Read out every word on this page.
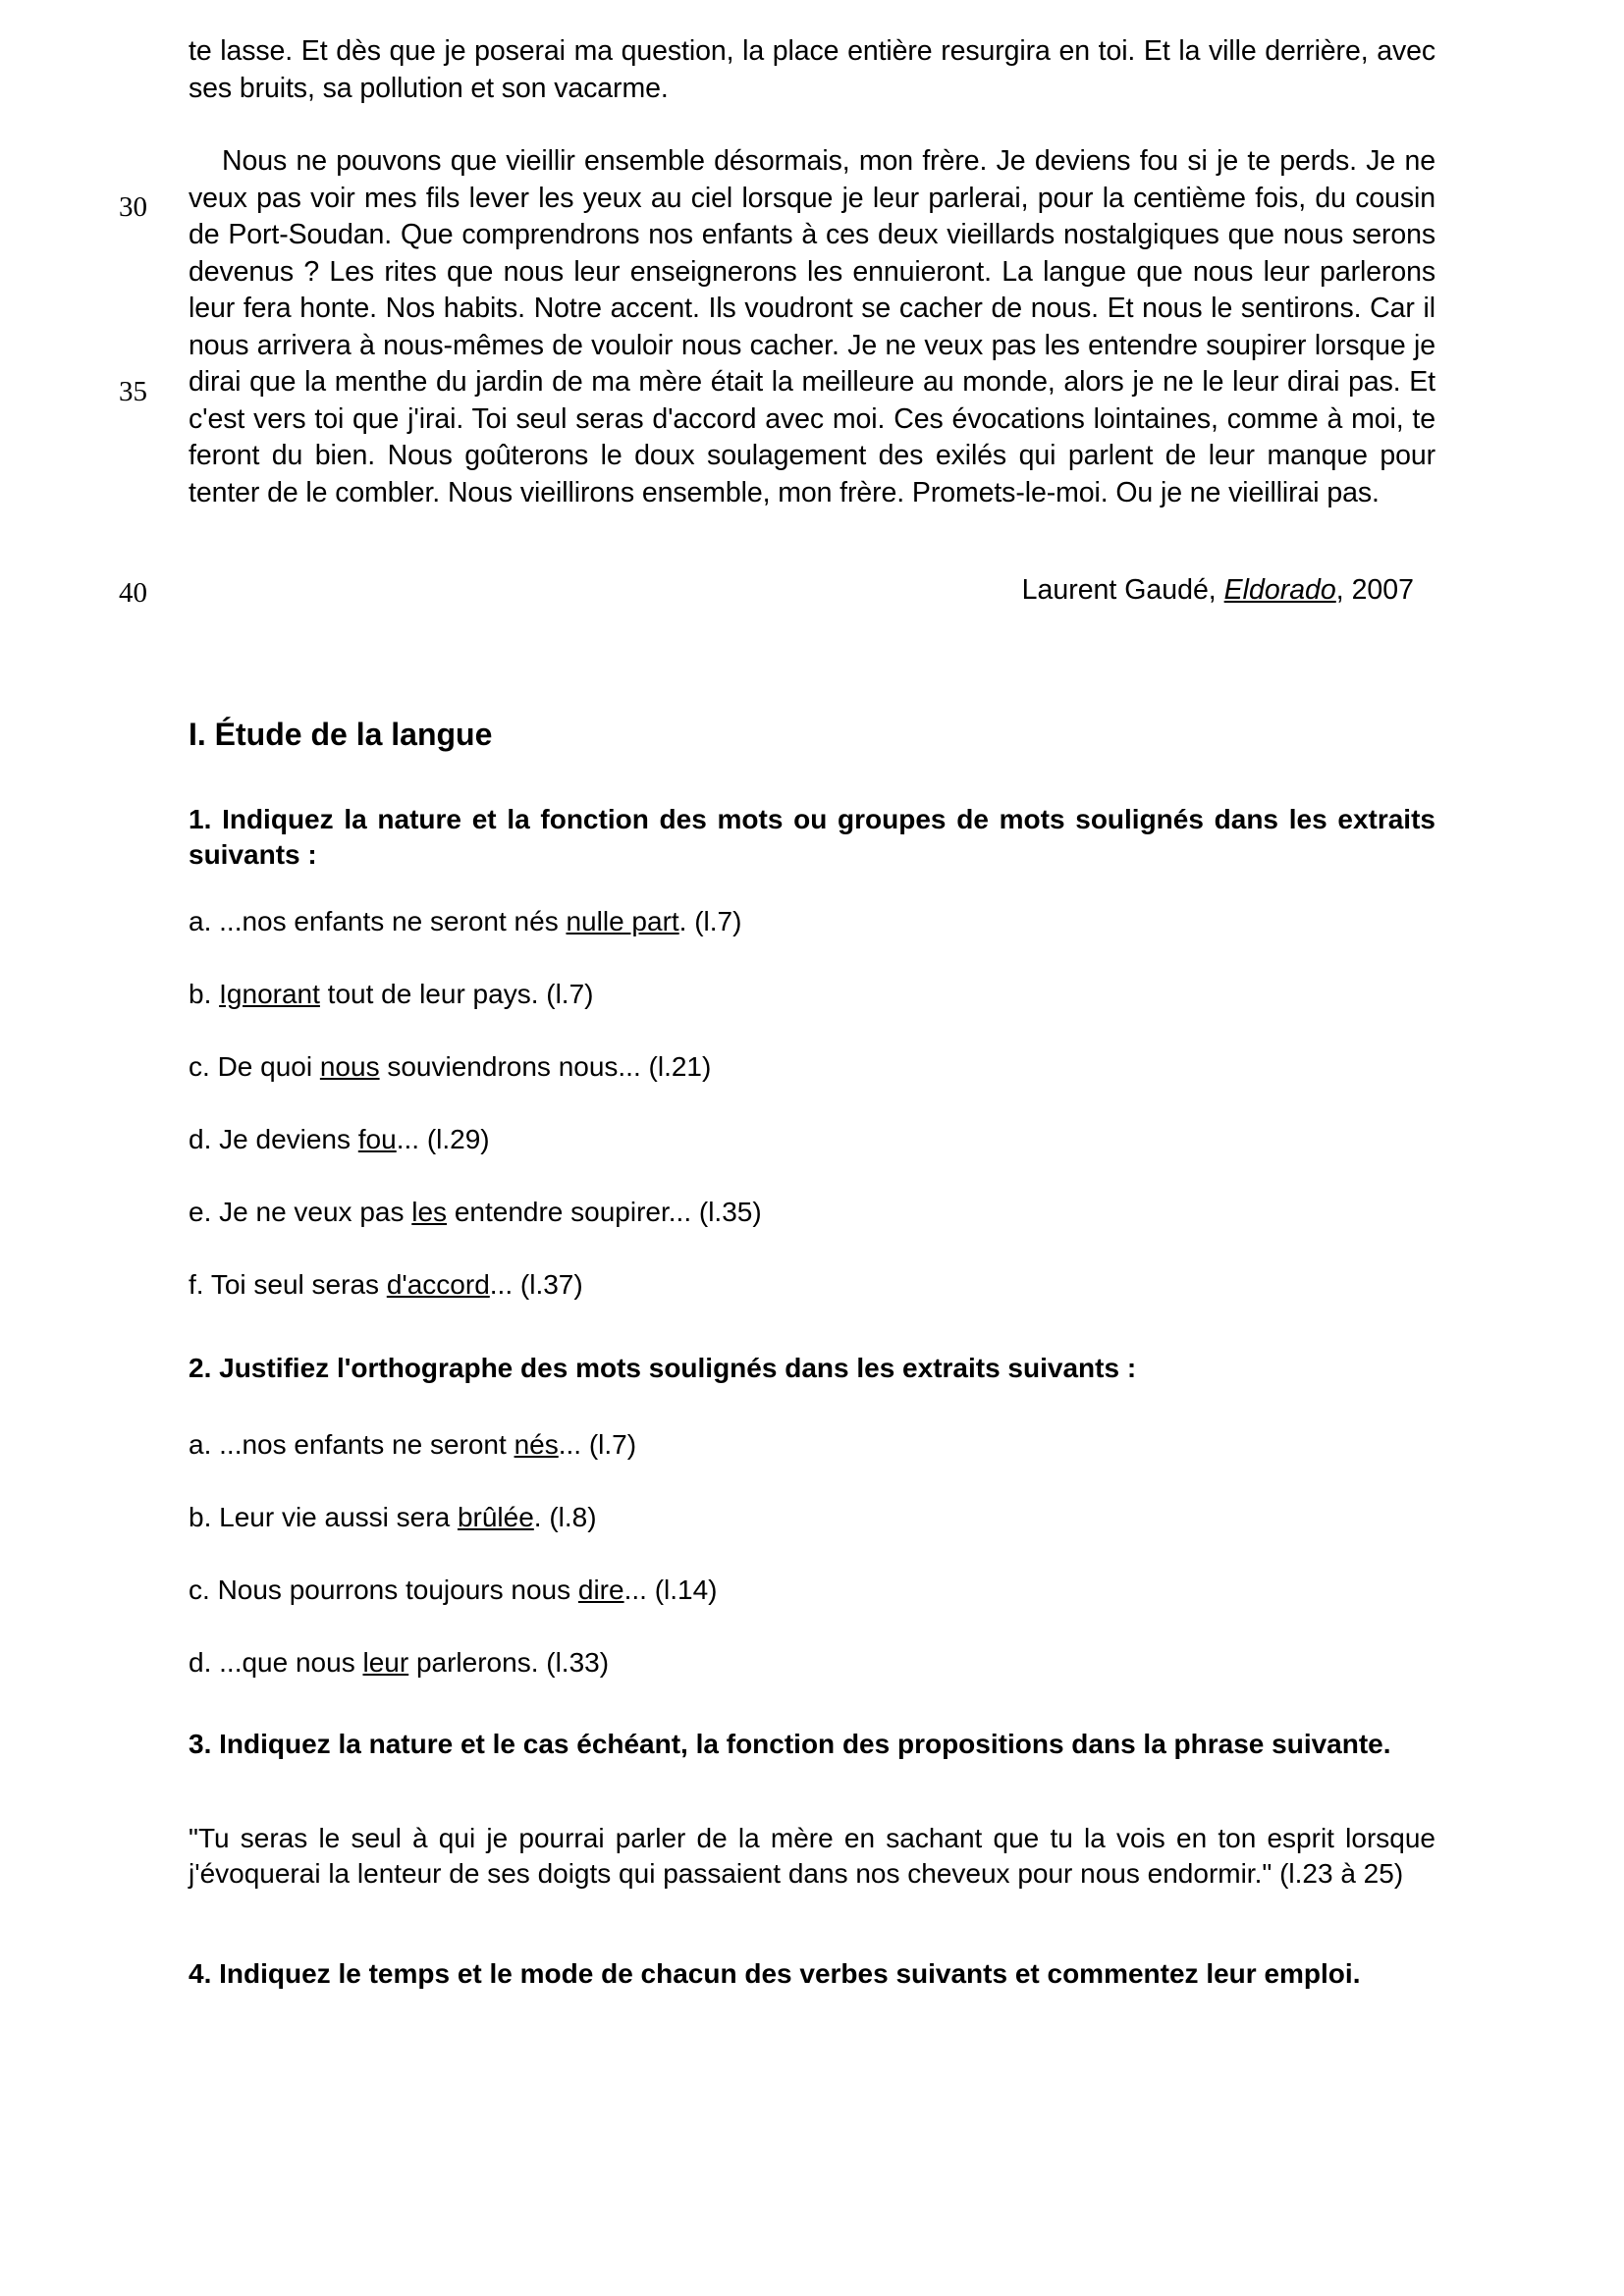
te lasse. Et dès que je poserai ma question, la place entière resurgira en toi. Et la ville derrière, avec ses bruits, sa pollution et son vacarme.

Nous ne pouvons que vieillir ensemble désormais, mon frère. Je deviens fou si je te perds. Je ne veux pas voir mes fils lever les yeux au ciel lorsque je leur parlerai, pour la centième fois, du cousin de Port-Soudan. Que comprendrons nos enfants à ces deux vieillards nostalgiques que nous serons devenus ? Les rites que nous leur enseignerons les ennuieront. La langue que nous leur parlerons leur fera honte. Nos habits. Notre accent. Ils voudront se cacher de nous. Et nous le sentirons. Car il nous arrivera à nous-mêmes de vouloir nous cacher. Je ne veux pas les entendre soupirer lorsque je dirai que la menthe du jardin de ma mère était la meilleure au monde, alors je ne le leur dirai pas. Et c'est vers toi que j'irai. Toi seul seras d'accord avec moi. Ces évocations lointaines, comme à moi, te feront du bien. Nous goûterons le doux soulagement des exilés qui parlent de leur manque pour tenter de le combler. Nous vieillirons ensemble, mon frère. Promets-le-moi. Ou je ne vieillirai pas.

Laurent Gaudé, Eldorado, 2007

I. Étude de la langue

1. Indiquez la nature et la fonction des mots ou groupes de mots soulignés dans les extraits suivants :

a. ...nos enfants ne seront nés nulle part. (l.7)

b. Ignorant tout de leur pays. (l.7)

c. De quoi nous souviendrons nous... (l.21)

d. Je deviens fou... (l.29)

e. Je ne veux pas les entendre soupirer... (l.35)

f. Toi seul seras d'accord... (l.37)

2. Justifiez l'orthographe des mots soulignés dans les extraits suivants :

a. ...nos enfants ne seront nés... (l.7)

b. Leur vie aussi sera brûlée. (l.8)

c. Nous pourrons toujours nous dire... (l.14)

d. ...que nous leur parlerons. (l.33)

3. Indiquez la nature et le cas échéant, la fonction des propositions dans la phrase suivante.

"Tu seras le seul à qui je pourrai parler de la mère en sachant que tu la vois en ton esprit lorsque j'évoquerai la lenteur de ses doigts qui passaient dans nos cheveux pour nous endormir." (l.23 à 25)

4. Indiquez le temps et le mode de chacun des verbes suivants et commentez leur emploi.

30
35
40
